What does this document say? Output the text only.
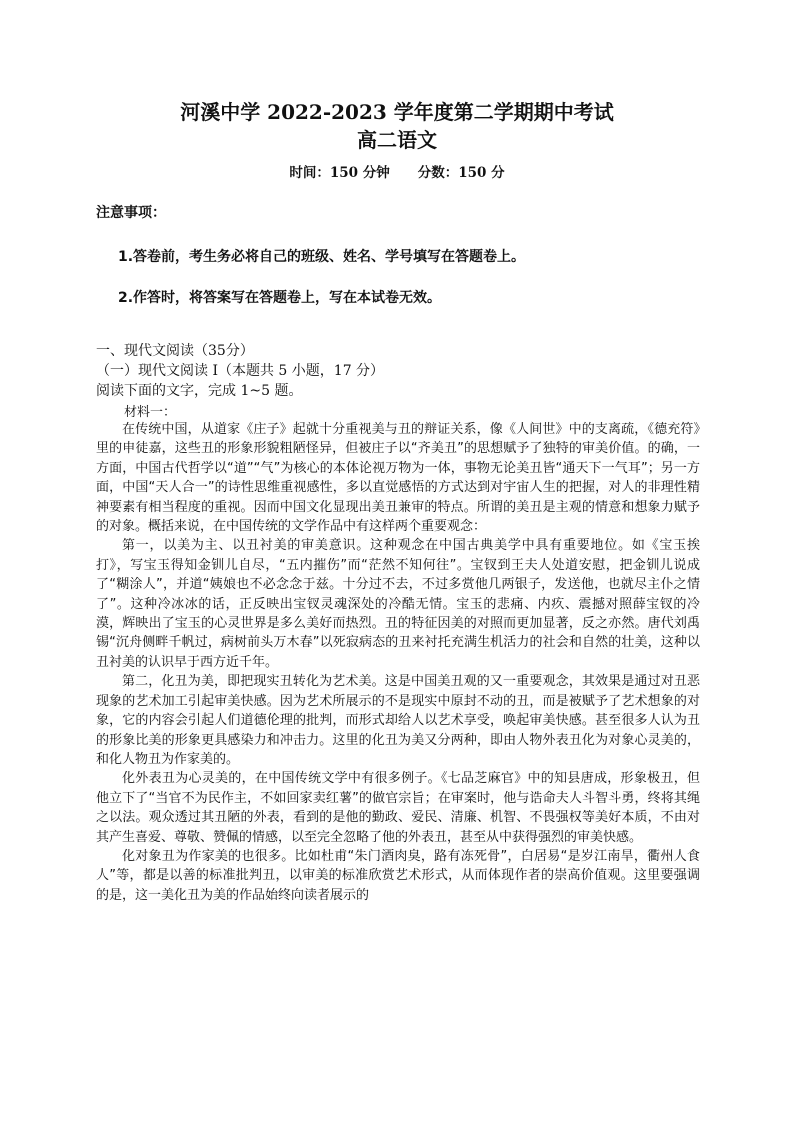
河溪中学 2022-2023 学年度第二学期期中考试
高二语文
时间：150 分钟 分数：150 分
注意事项：
1.答卷前，考生务必将自己的班级、姓名、学号填写在答题卷上。
2.作答时，将答案写在答题卷上，写在本试卷无效。
一、现代文阅读（35分）
（一）现代文阅读 I（本题共 5 小题，17 分）
阅读下面的文字，完成 1~5 题。
材料一：

在传统中国，从道家《庄子》起就十分重视美与丑的辩证关系，像《人间世》中的支离疏，《德充符》里的申徒嘉，这些丑的形象形貌粗陋怪异，但被庄子以“齐美丑”的思想赋予了独特的审美价值。的确，一方面，中国古代哲学以“道”“气”为核心的本体论视万物为一体，事物无论美丑皆“通天下一气耳”；另一方面，中国“天人合一”的诗性思维重视感性，多以直觉感悟的方式达到对宇宙人生的把握，对人的非理性精神要素有相当程度的重视。因而中国文化显现出美丑兼审的特点。所谓的美丑是主观的情意和想象力赋予的对象。概括来说，在中国传统的文学作品中有这样两个重要观念：

第一，以美为主、以丑衬美的审美意识。这种观念在中国古典美学中具有重要地位。如《宝玉挨打》，写宝玉得知金钏儿自尽，“五内摧伤”而“茫然不知何往”。宝钗到王夫人处道安慰，把金钏儿说成了“糊涂人”，并道“姨娘也不必念念于兹。十分过不去，不过多赏他几两银子，发送他，也就尽主仆之情了”。这种冷冰冰的话，正反映出宝钗灵魂深处的冷酷无情。宝玉的悲痛、内疚、震撼对照薛宝钗的冷漠，辉映出了宝玉的心灵世界是多么美好而热烈。丑的特征因美的对照而更加显著，反之亦然。唐代刘禹锡“沉舟侧畔千帆过，病树前头万木春”以死寂病态的丑来衬托充满生机活力的社会和自然的壮美，这种以丑衬美的认识早于西方近千年。

第二，化丑为美，即把现实丑转化为艺术美。这是中国美丑观的又一重要观念，其效果是通过对丑恶现象的艺术加工引起审美快感。因为艺术所展示的不是现实中原封不动的丑，而是被赋予了艺术想象的对象，它的内容会引起人们道德伦理的批判，而形式却给人以艺术享受，唤起审美快感。甚至很多人认为丑的形象比美的形象更具感染力和冲击力。这里的化丑为美又分两种，即由人物外表丑化为对象心灵美的，和化人物丑为作家美的。

化外表丑为心灵美的，在中国传统文学中有很多例子。《七品芝麻官》中的知县唐成，形象极丑，但他立下了“当官不为民作主，不如回家卖红薯”的做官宗旨；在审案时，他与诰命夫人斗智斗勇，终将其绳之以法。观众透过其丑陋的外表，看到的是他的勤政、爱民、清廉、机智、不畏强权等美好本质，不由对其产生喜爱、尊敬、赞佩的情感，以至完全忽略了他的外表丑，甚至从中获得强烈的审美快感。

化对象丑为作家美的也很多。比如杜甫“朱门酒肉臭，路有冻死骨”，白居易“是岁江南旱，衢州人食人”等，都是以善的标准批判丑，以审美的标准欣赏艺术形式，从而体现作者的崇高价值观。这里要强调的是，这一美化丑为美的作品始终向读者展示的
